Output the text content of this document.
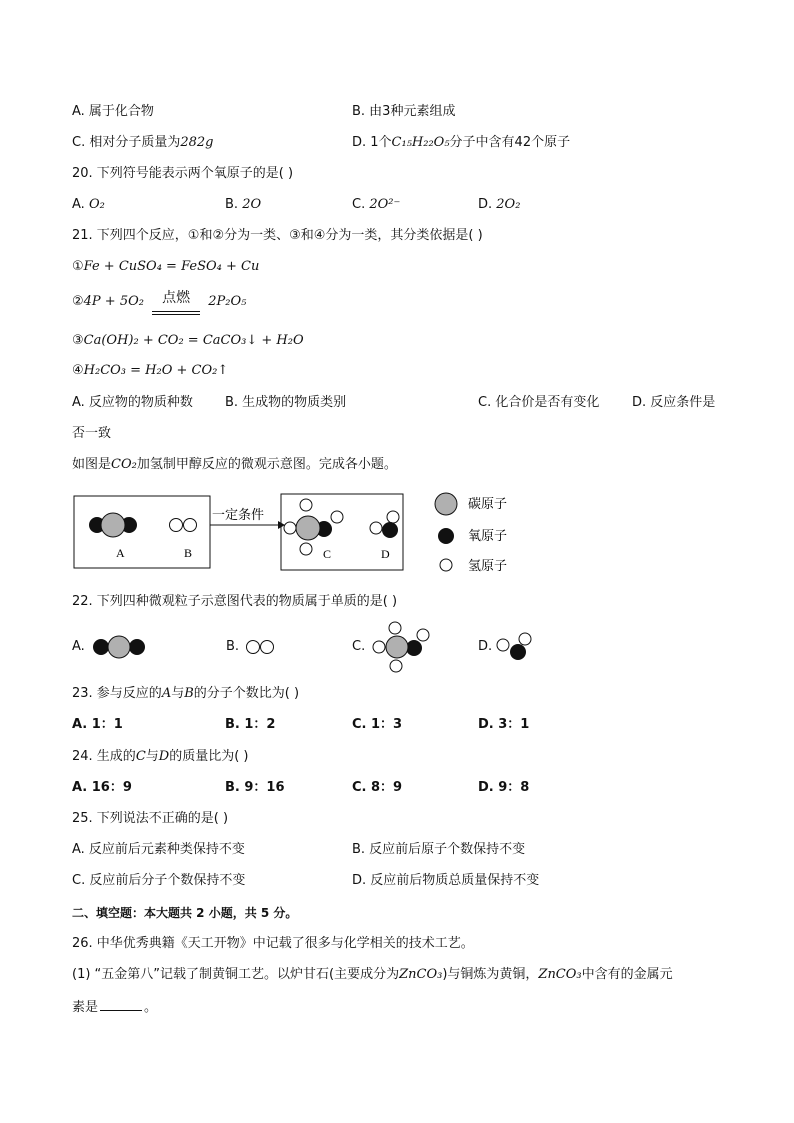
A. 属于化合物	B. 由3种元素组成
C. 相对分子质量为282g	D. 1个C₁₅H₂₂O₅分子中含有42个原子
20. 下列符号能表示两个氧原子的是( )
A. O₂	B. 2O	C. 2O²⁻	D. 2O₂
21. 下列四个反应，①和②分为一类、③和④分为一类，其分类依据是( )
①Fe + CuSO₄ = FeSO₄ + Cu
②4P + 5O₂	点燃	2P₂O₅
③Ca(OH)₂ + CO₂ = CaCO₃↓ + H₂O
④H₂CO₃ = H₂O + CO₂↑
A. 反应物的物质种数 B. 生成物的物质类别	C. 化合价是否有变化	D. 反应条件是
否一致
如图是CO₂加氢制甲醇反应的微观示意图。完成各小题。
A	B
一定条件
C	D
碳原子
氧原子
氢原子
22. 下列四种微观粒子示意图代表的物质属于单质的是( )
A.	B.	C.	D.
23. 参与反应的A与B的分子个数比为( )
A. 1：1	B. 1：2	C. 1：3	D. 3：1
24. 生成的C与D的质量比为( )
A. 16：9	B. 9：16	C. 8：9	D. 9：8
25. 下列说法不正确的是( )
A. 反应前后元素种类保持不变	B. 反应前后原子个数保持不变
C. 反应前后分子个数保持不变	D. 反应前后物质总质量保持不变
二、填空题：本大题共 2 小题，共 5 分。
26. 中华优秀典籍《天工开物》中记载了很多与化学相关的技术工艺。
(1) “五金第八”记载了制黄铜工艺。以炉甘石(主要成分为ZnCO₃)与铜炼为黄铜，ZnCO₃中含有的金属元
素是	。
